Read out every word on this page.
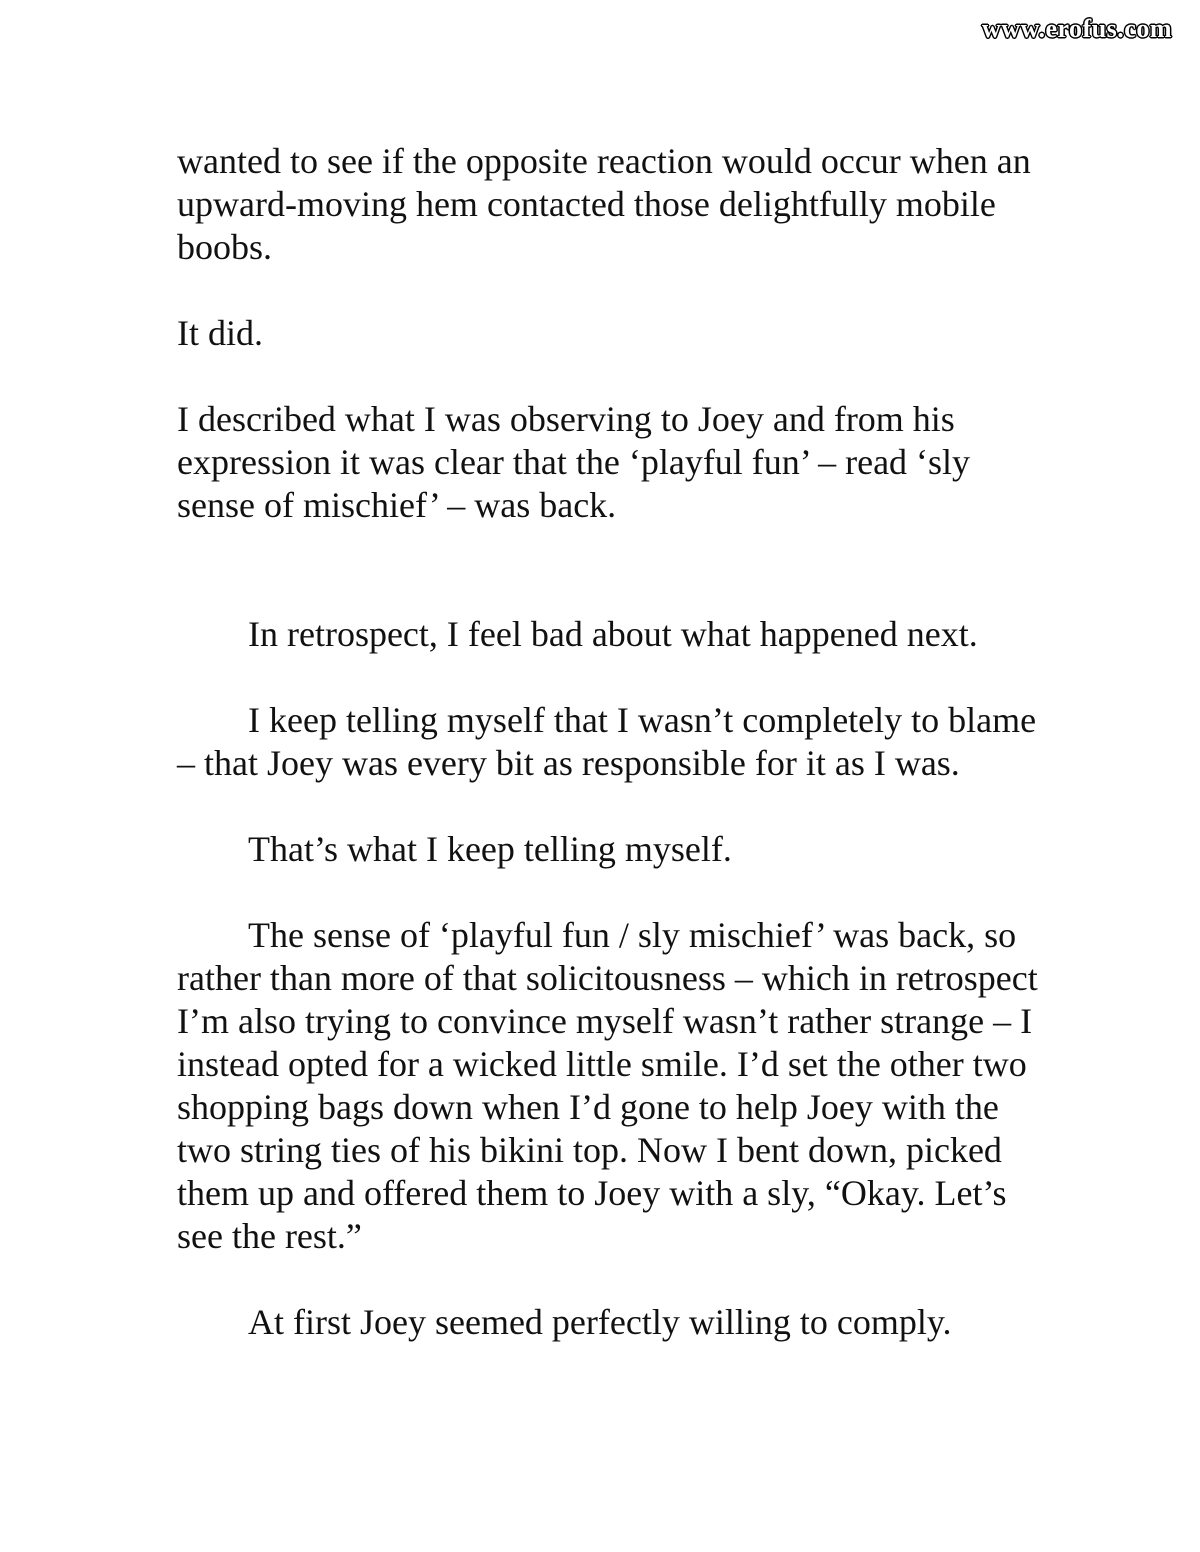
www.erofus.com

wanted to see if the opposite reaction would occur when an upward-moving hem contacted those delightfully mobile boobs.

It did.

I described what I was observing to Joey and from his expression it was clear that the ‘playful fun’ – read ‘sly sense of mischief’ – was back.

In retrospect, I feel bad about what happened next.

I keep telling myself that I wasn’t completely to blame – that Joey was every bit as responsible for it as I was.

That’s what I keep telling myself.

The sense of ‘playful fun / sly mischief’ was back, so rather than more of that solicitousness – which in retrospect I’m also trying to convince myself wasn’t rather strange – I instead opted for a wicked little smile. I’d set the other two shopping bags down when I’d gone to help Joey with the two string ties of his bikini top. Now I bent down, picked them up and offered them to Joey with a sly, “Okay. Let’s see the rest.”

At first Joey seemed perfectly willing to comply.
